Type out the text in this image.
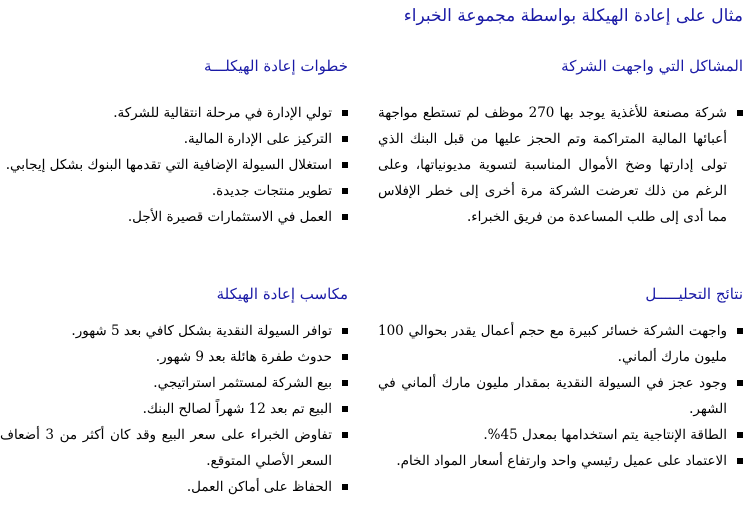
مثال على إعادة الهيكلة بواسطة مجموعة الخبراء
المشاكل التي واجهت الشركة
شركة مصنعة للأغذية يوجد بها 270 موظف لم تستطع مواجهة أعبائها المالية المتراكمة وتم الحجز عليها من قبل البنك الذي تولى إدارتها وضخ الأموال المناسبة لتسوية مديونياتها، وعلى الرغم من ذلك تعرضت الشركة مرة أخرى إلى خطر الإفلاس مما أدى إلى طلب المساعدة من فريق الخبراء.
نتائج التحليـــــل
واجهت الشركة خسائر كبيرة مع حجم أعمال يقدر بحوالي 100 مليون مارك ألماني.
وجود عجز في السيولة النقدية بمقدار مليون مارك ألماني في الشهر.
الطاقة الإنتاجية يتم استخدامها بمعدل 45%.
الاعتماد على عميل رئيسي واحد وارتفاع أسعار المواد الخام.
خطوات إعادة الهيكلـــة
تولي الإدارة في مرحلة انتقالية للشركة.
التركيز على الإدارة المالية.
استغلال السيولة الإضافية التي تقدمها البنوك بشكل إيجابي.
تطوير منتجات جديدة.
العمل في الاستثمارات قصيرة الأجل.
مكاسب إعادة الهيكلة
توافر السيولة النقدية بشكل كافي بعد 5 شهور.
حدوث طفرة هائلة بعد 9 شهور.
بيع الشركة لمستثمر استراتيجي.
البيع تم بعد 12 شهراً لصالح البنك.
تفاوض الخبراء على سعر البيع وقد كان أكثر من 3 أضعاف السعر الأصلي المتوقع.
الحفاظ على أماكن العمل.
